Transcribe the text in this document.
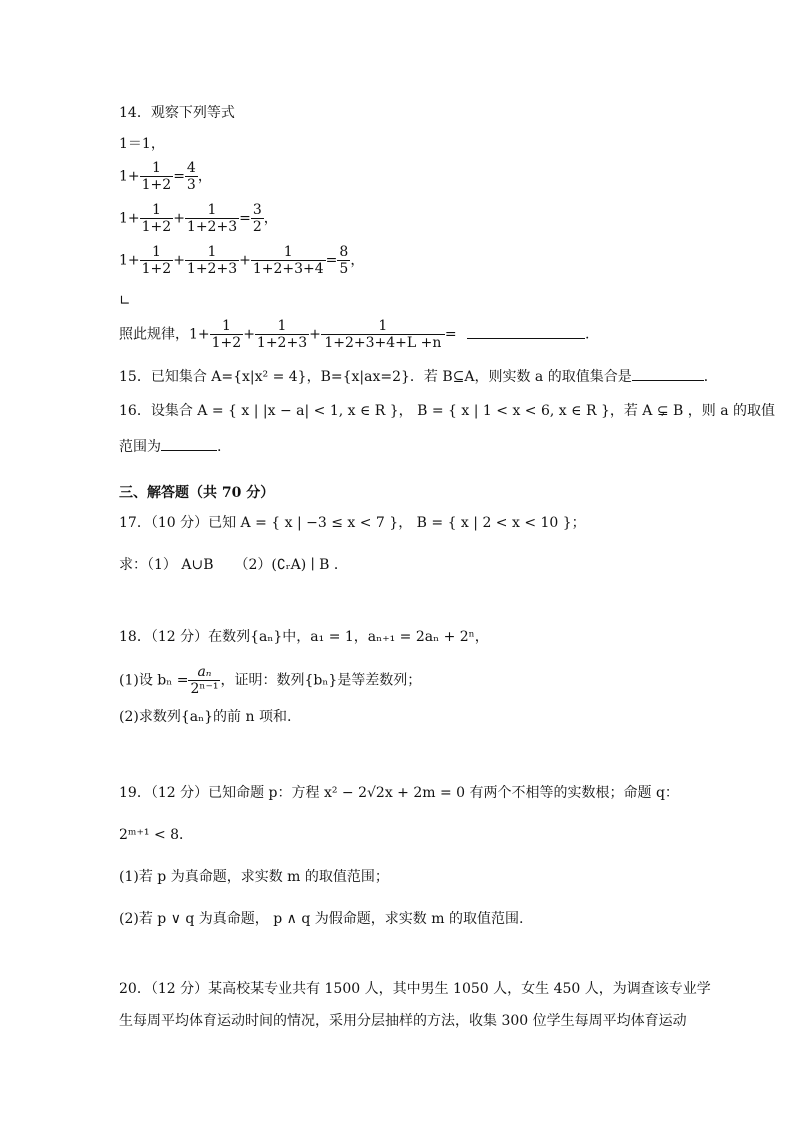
14．观察下列等式
1＝1，
$1+ \frac{1}{1+2} = \frac{4}{3}$ ，
$1+ \frac{1}{1+2} + \frac{1}{1+2+3} = \frac{3}{2}$ ，
$1+ \frac{1}{1+2} + \frac{1}{1+2+3} + \frac{1}{1+2+3+4} = \frac{8}{5}$ ，
∟
照此规律，$1+ \frac{1}{1+2} + \frac{1}{1+2+3} + \frac{1}{1+2+3+4+L +n}$ =	.
15．已知集合 A={x|x² = 4}，B={x|ax=2}．若 B⊆A，则实数 a 的取值集合是	．
16．设集合 A = { x | |x − a| < 1, x ∈ R }， B = { x | 1 < x < 6, x ∈ R }，若 A ⊊ B ，则 a 的取值
范围为	.
三、解答题（共 70 分）
17．（10 分）已知 A = { x | −3 ≤ x < 7 }， B = { x | 2 < x < 10 }；
求：（1） A∪B　　（2）(∁ᵣA) ∣ B ．
18．（12 分）在数列{aₙ}中，a₁ = 1，aₙ₊₁ = 2aₙ + 2ⁿ，
(1)设 $b_n = \frac{\text{aₙ}}{\text{2ⁿ⁻¹}}$ ，证明：数列{bₙ}是等差数列；
(2)求数列{aₙ}的前 n 项和.
19．（12 分）已知命题 p：方程 x² − 2√2x + 2m = 0 有两个不相等的实数根；命题 q：
2ᵐ⁺¹ < 8．
(1)若 p 为真命题，求实数 m 的取值范围；
(2)若 p ∨ q 为真命题， p ∧ q 为假命题，求实数 m 的取值范围.
20．（12 分）某高校某专业共有 1500 人，其中男生 1050 人，女生 450 人，为调查该专业学
生每周平均体育运动时间的情况，采用分层抽样的方法，收集 300 位学生每周平均体育运动
